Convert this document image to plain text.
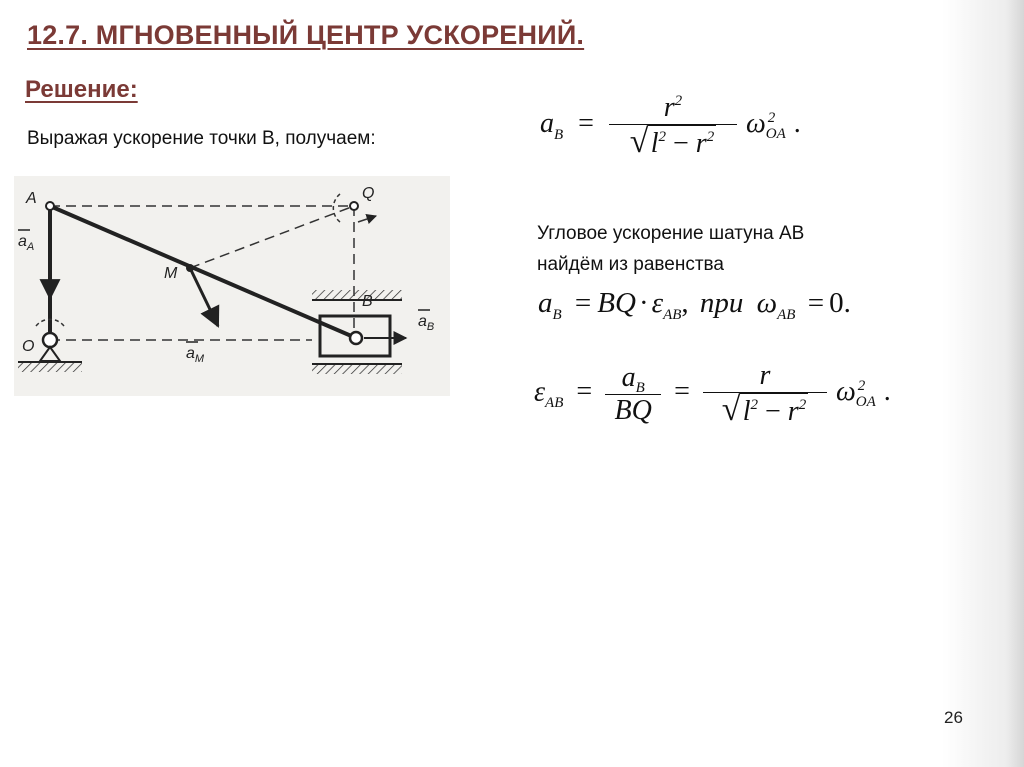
12.7. МГНОВЕННЫЙ ЦЕНТР УСКОРЕНИЙ.
Решение:
Выражая ускорение точки В, получаем:
Угловое ускорение шатуна АВ
найдём из равенства
$a_B = \frac{r^2}{√ l^2 - r^2}$ ω 2
OA .
$a_B$ = BQ · $\varepsilon_{AB}$, при $\omega_{AB} = 0$.
$\varepsilon_{AB} = \frac{a_B}{BQ} = \frac{r}{√ l^2 - r^2}$ ω 2
OA .
A	Q
M
B
O
$a_A$
$a_M$
$a_B$
26
